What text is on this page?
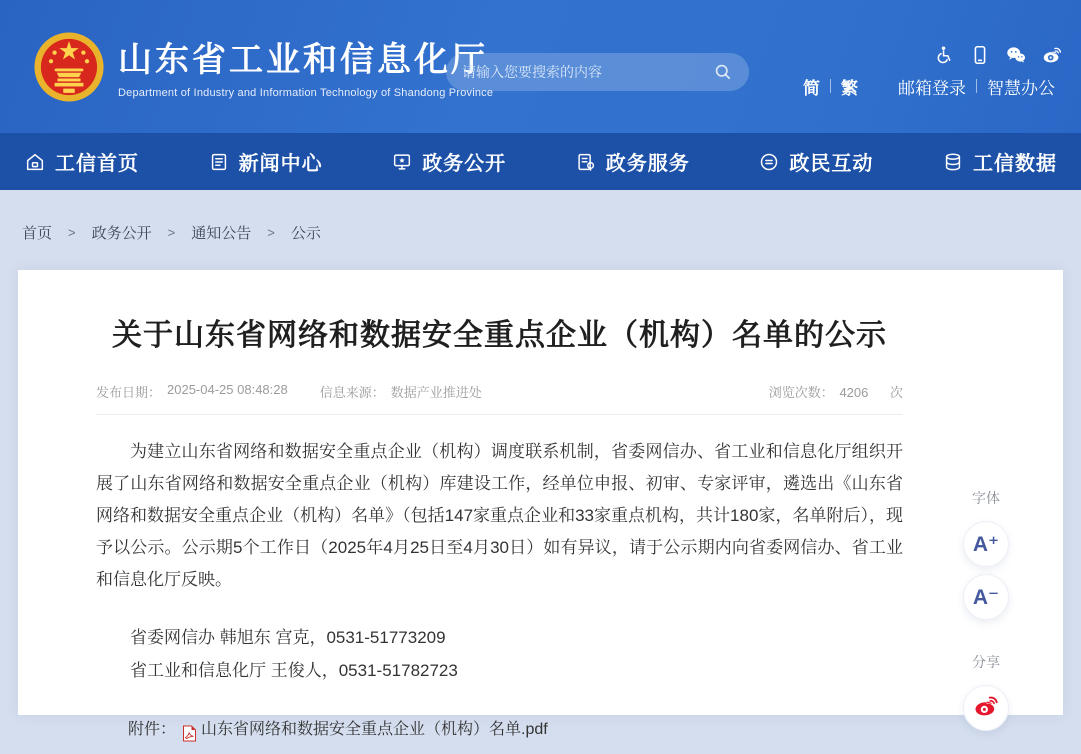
山东省工业和信息化厅
Department of Industry and Information Technology of Shandong Province
请输入您要搜索的内容	简	繁	邮箱登录	智慧办公
工信首页	新闻中心	政务公开	政务服务	政民互动	工信数据
首页 > 政务公开 > 通知公告 > 公示
关于山东省网络和数据安全重点企业（机构）名单的公示
发布日期： 2025-04-25 08:48:28 信息来源： 数据产业推进处	浏览次数： 4206 次

为建立山东省网络和数据安全重点企业（机构）调度联系机制，省委网信办、省工业和信息化厅组织开展了山东省网络和数据安全重点企业（机构）库建设工作，经单位申报、初审、专家评审，遴选出《山东省网络和数据安全重点企业（机构）名单》（包括147家重点企业和33家重点机构，共计180家，名单附后），现予以公示。公示期5个工作日（2025年4月25日至4月30日）如有异议，请于公示期内向省委网信办、省工业和信息化厅反映。

省委网信办 韩旭东 宫克，0531-51773209
省工业和信息化厅 王俊人，0531-51782723
附件： 山东省网络和数据安全重点企业（机构）名单.pdf
字体
A⁺
A⁻
分享
